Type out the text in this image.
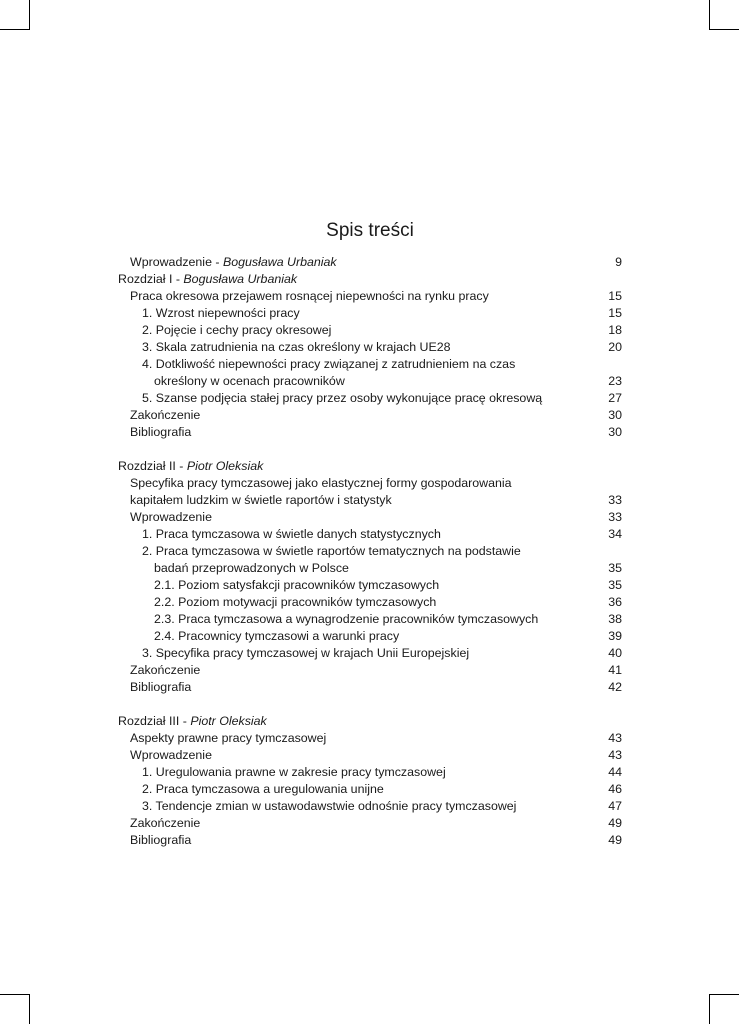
Spis treści
Wprowadzenie - Bogusława Urbaniak	9
Rozdział I - Bogusława Urbaniak
Praca okresowa przejawem rosnącej niepewności na rynku pracy	15
1. Wzrost niepewności pracy	15
2. Pojęcie i cechy pracy okresowej	18
3. Skala zatrudnienia na czas określony w krajach UE28	20
4. Dotkliwość niepewności pracy związanej z zatrudnieniem na czas
określony w ocenach pracowników	23
5. Szanse podjęcia stałej pracy przez osoby wykonujące pracę okresową	27
Zakończenie	30
Bibliografia	30
Rozdział II - Piotr Oleksiak
Specyfika pracy tymczasowej jako elastycznej formy gospodarowania
kapitałem ludzkim w świetle raportów i statystyk	33
Wprowadzenie	33
1. Praca tymczasowa w świetle danych statystycznych	34
2. Praca tymczasowa w świetle raportów tematycznych na podstawie
badań przeprowadzonych w Polsce	35
2.1. Poziom satysfakcji pracowników tymczasowych	35
2.2. Poziom motywacji pracowników tymczasowych	36
2.3. Praca tymczasowa a wynagrodzenie pracowników tymczasowych	38
2.4. Pracownicy tymczasowi a warunki pracy	39
3. Specyfika pracy tymczasowej w krajach Unii Europejskiej	40
Zakończenie	41
Bibliografia	42
Rozdział III - Piotr Oleksiak
Aspekty prawne pracy tymczasowej	43
Wprowadzenie	43
1. Uregulowania prawne w zakresie pracy tymczasowej	44
2. Praca tymczasowa a uregulowania unijne	46
3. Tendencje zmian w ustawodawstwie odnośnie pracy tymczasowej	47
Zakończenie	49
Bibliografia	49
